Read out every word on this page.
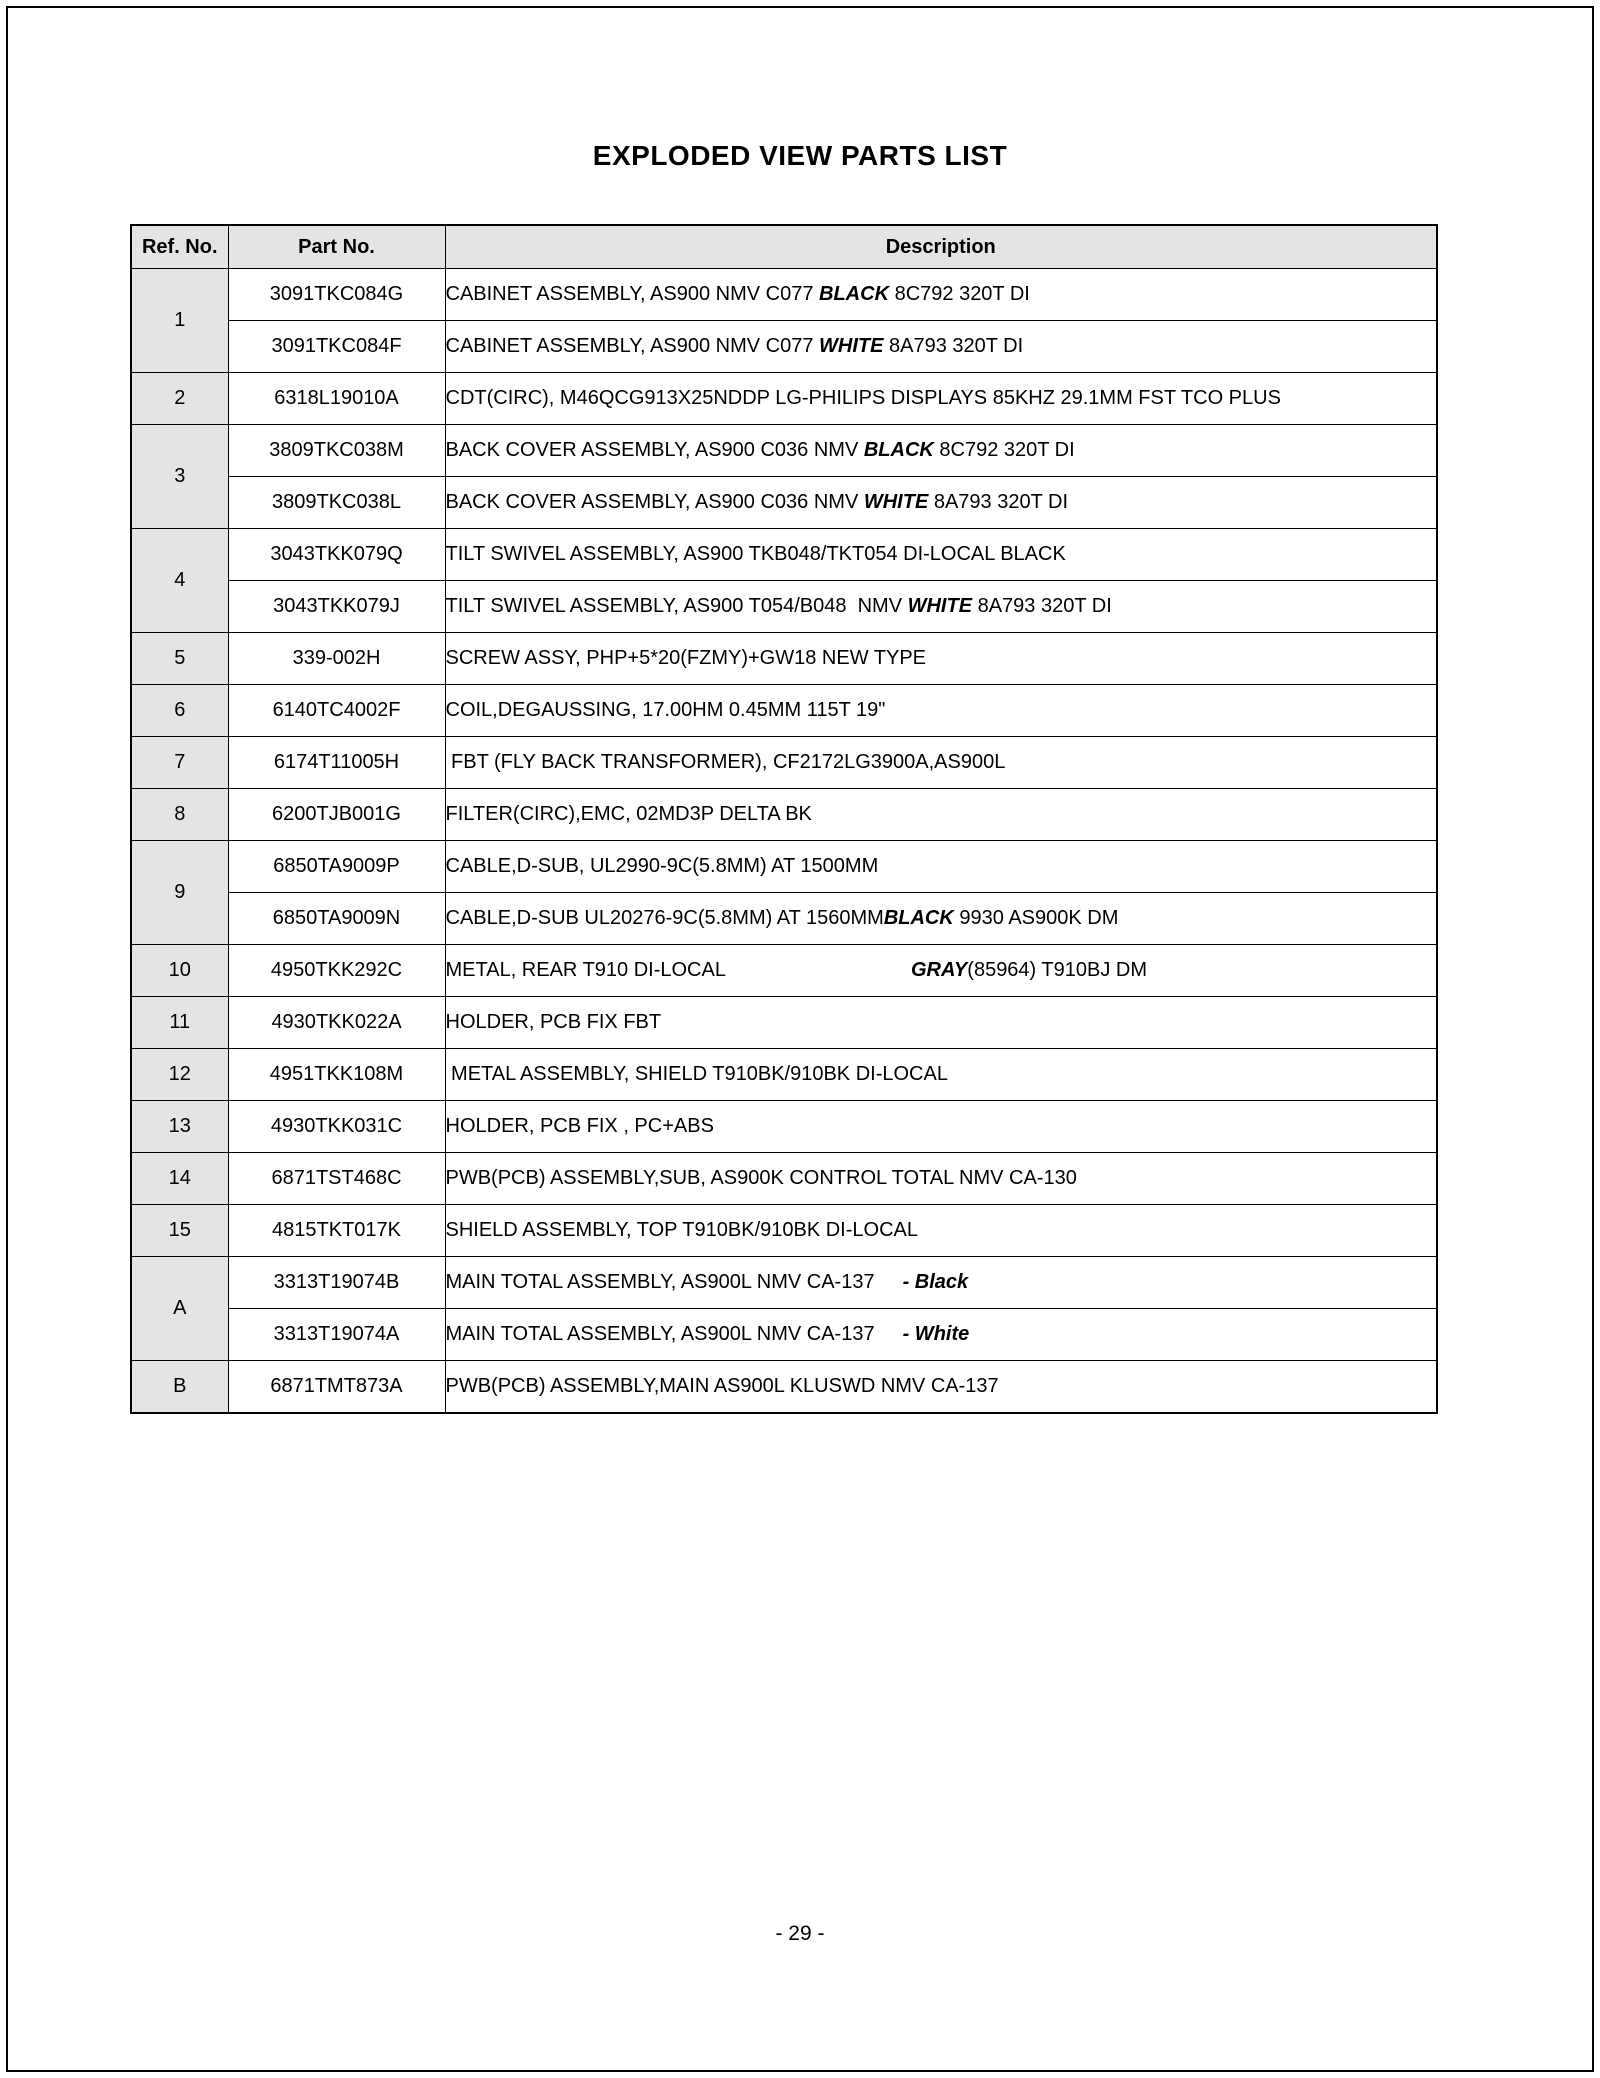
EXPLODED VIEW PARTS LIST
Ref. No.	Part No.	Description
1	3091TKC084G	CABINET ASSEMBLY, AS900 NMV C077 BLACK 8C792 320T DI
	3091TKC084F	CABINET ASSEMBLY, AS900 NMV C077 WHITE 8A793 320T DI
2	6318L19010A	CDT(CIRC), M46QCG913X25NDDP LG-PHILIPS DISPLAYS 85KHZ 29.1MM FST TCO PLUS
3	3809TKC038M	BACK COVER ASSEMBLY, AS900 C036 NMV BLACK 8C792 320T DI
	3809TKC038L	BACK COVER ASSEMBLY, AS900 C036 NMV WHITE 8A793 320T DI
4	3043TKK079Q	TILT SWIVEL ASSEMBLY, AS900 TKB048/TKT054 DI-LOCAL BLACK
	3043TKK079J	TILT SWIVEL ASSEMBLY, AS900 T054/B048  NMV WHITE 8A793 320T DI
5	339-002H	SCREW ASSY, PHP+5*20(FZMY)+GW18 NEW TYPE
6	6140TC4002F	COIL,DEGAUSSING, 17.00HM 0.45MM 115T 19"
7	6174T11005H	FBT (FLY BACK TRANSFORMER), CF2172LG3900A,AS900L
8	6200TJB001G	FILTER(CIRC),EMC, 02MD3P DELTA BK
9	6850TA9009P	CABLE,D-SUB, UL2990-9C(5.8MM) AT 1500MM
	6850TA9009N	CABLE,D-SUB UL20276-9C(5.8MM) AT 1560MMBLACK 9930 AS900K DM
10	4950TKK292C	METAL, REAR T910 DI-LOCAL GRAY(85964) T910BJ DM
11	4930TKK022A	HOLDER, PCB FIX FBT
12	4951TKK108M	METAL ASSEMBLY, SHIELD T910BK/910BK DI-LOCAL
13	4930TKK031C	HOLDER, PCB FIX , PC+ABS
14	6871TST468C	PWB(PCB) ASSEMBLY,SUB, AS900K CONTROL TOTAL NMV CA-130
15	4815TKT017K	SHIELD ASSEMBLY, TOP T910BK/910BK DI-LOCAL
A	3313T19074B	MAIN TOTAL ASSEMBLY, AS900L NMV CA-137 - Black
	3313T19074A	MAIN TOTAL ASSEMBLY, AS900L NMV CA-137 - White
B	6871TMT873A	PWB(PCB) ASSEMBLY,MAIN AS900L KLUSWD NMV CA-137
- 29 -
